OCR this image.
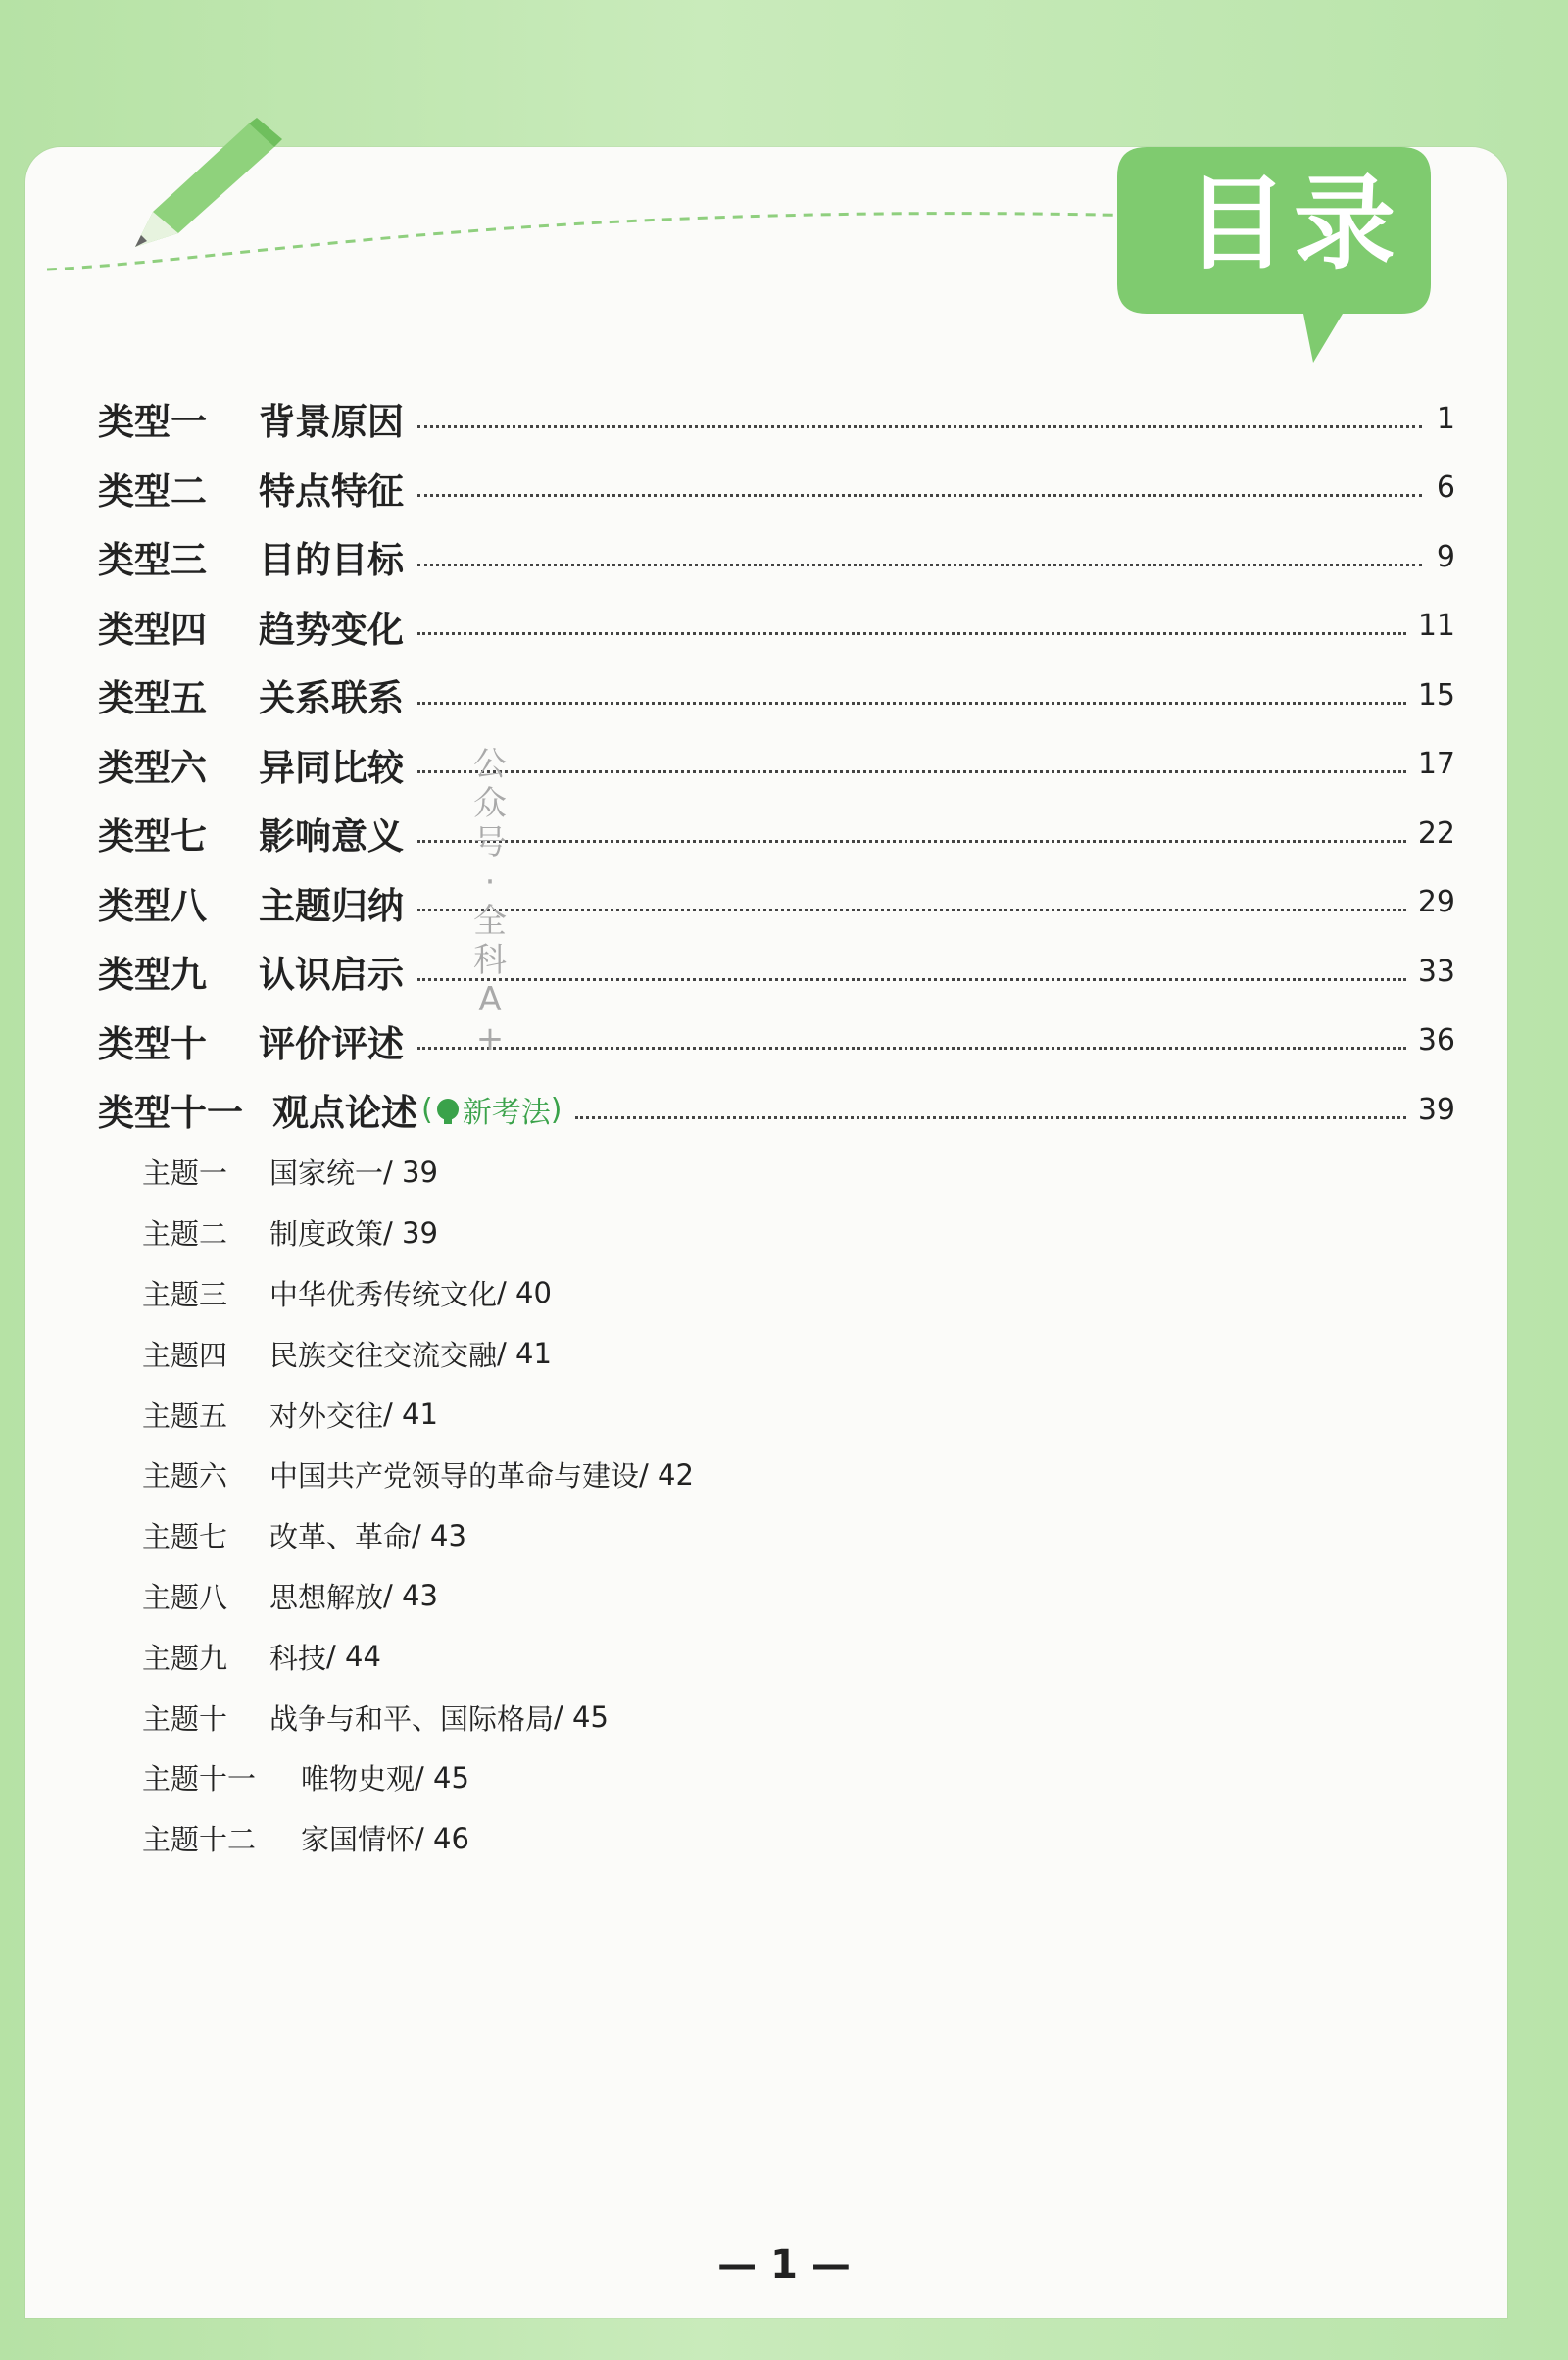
目录
类型一	背景原因	1
类型二	特点特征	6
类型三	目的目标	9
类型四	趋势变化	11
类型五	关系联系	15
类型六	异同比较	17
类型七	影响意义	22
类型八	主题归纳	29
类型九	认识启示	33
类型十	评价评述	36
类型十一 观点论述 ( 新考法 )	39
主题一	国家统一 / 39
主题二	制度政策 / 39
主题三	中华优秀传统文化 / 40
主题四	民族交往交流交融 / 41
主题五	对外交往 / 41
主题六	中国共产党领导的革命与建设 / 42
主题七	改革、革命 / 43
主题八	思想解放 / 43
主题九	科技 / 44
主题十	战争与和平、国际格局 / 45
主题十一	唯物史观 / 45
主题十二	家国情怀 / 46
公众号·全科A+
— 1 —
